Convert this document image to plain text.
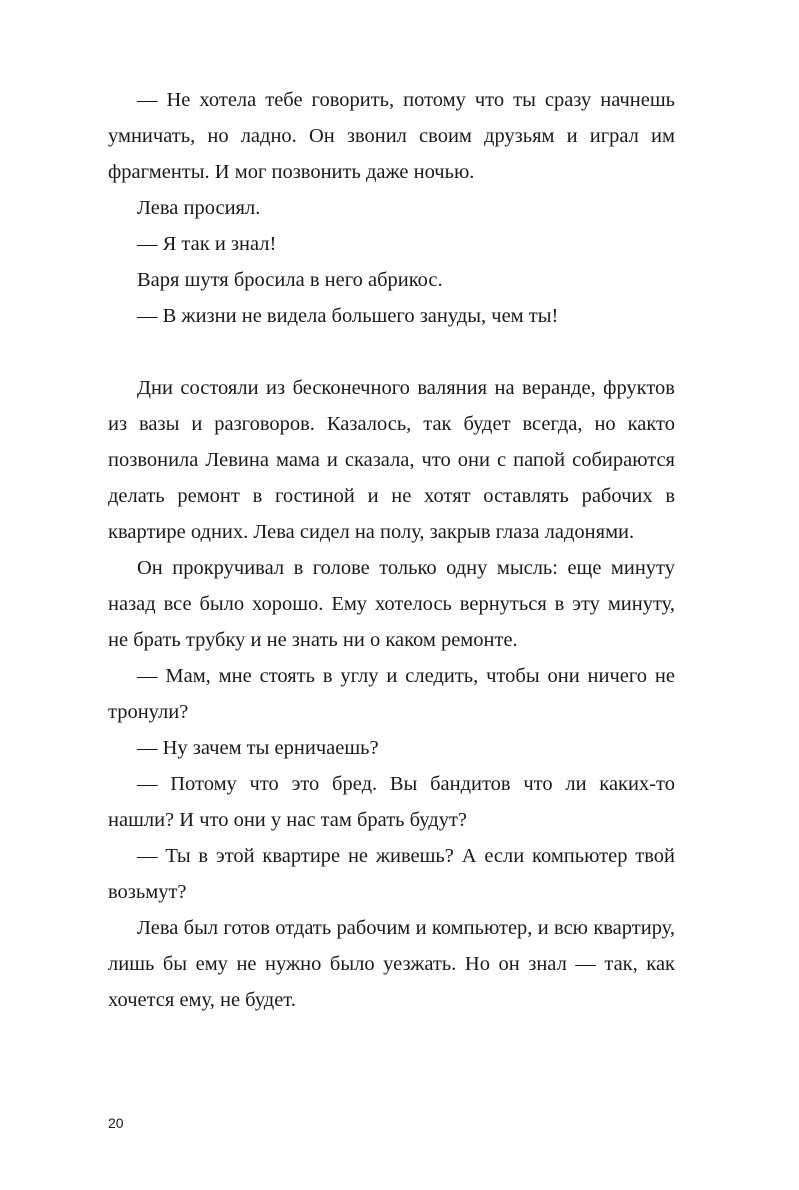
— Не хотела тебе говорить, потому что ты сразу начнешь умничать, но ладно. Он звонил своим друзьям и играл им фрагменты. И мог позвонить даже ночью.

Лева просиял.

— Я так и знал!

Варя шутя бросила в него абрикос.

— В жизни не видела большего зануды, чем ты!

Дни состояли из бесконечного валяния на веранде, фруктов из вазы и разговоров. Казалось, так будет всегда, но както позвонила Левина мама и сказала, что они с папой собираются делать ремонт в гостиной и не хотят оставлять рабочих в квартире одних. Лева сидел на полу, закрыв глаза ладонями.

Он прокручивал в голове только одну мысль: еще минуту назад все было хорошо. Ему хотелось вернуться в эту минуту, не брать трубку и не знать ни о каком ремонте.

— Мам, мне стоять в углу и следить, чтобы они ничего не тронули?

— Ну зачем ты ерничаешь?

— Потому что это бред. Вы бандитов что ли каких-то нашли? И что они у нас там брать будут?

— Ты в этой квартире не живешь? А если компьютер твой возьмут?

Лева был готов отдать рабочим и компьютер, и всю квартиру, лишь бы ему не нужно было уезжать. Но он знал — так, как хочется ему, не будет.

20
